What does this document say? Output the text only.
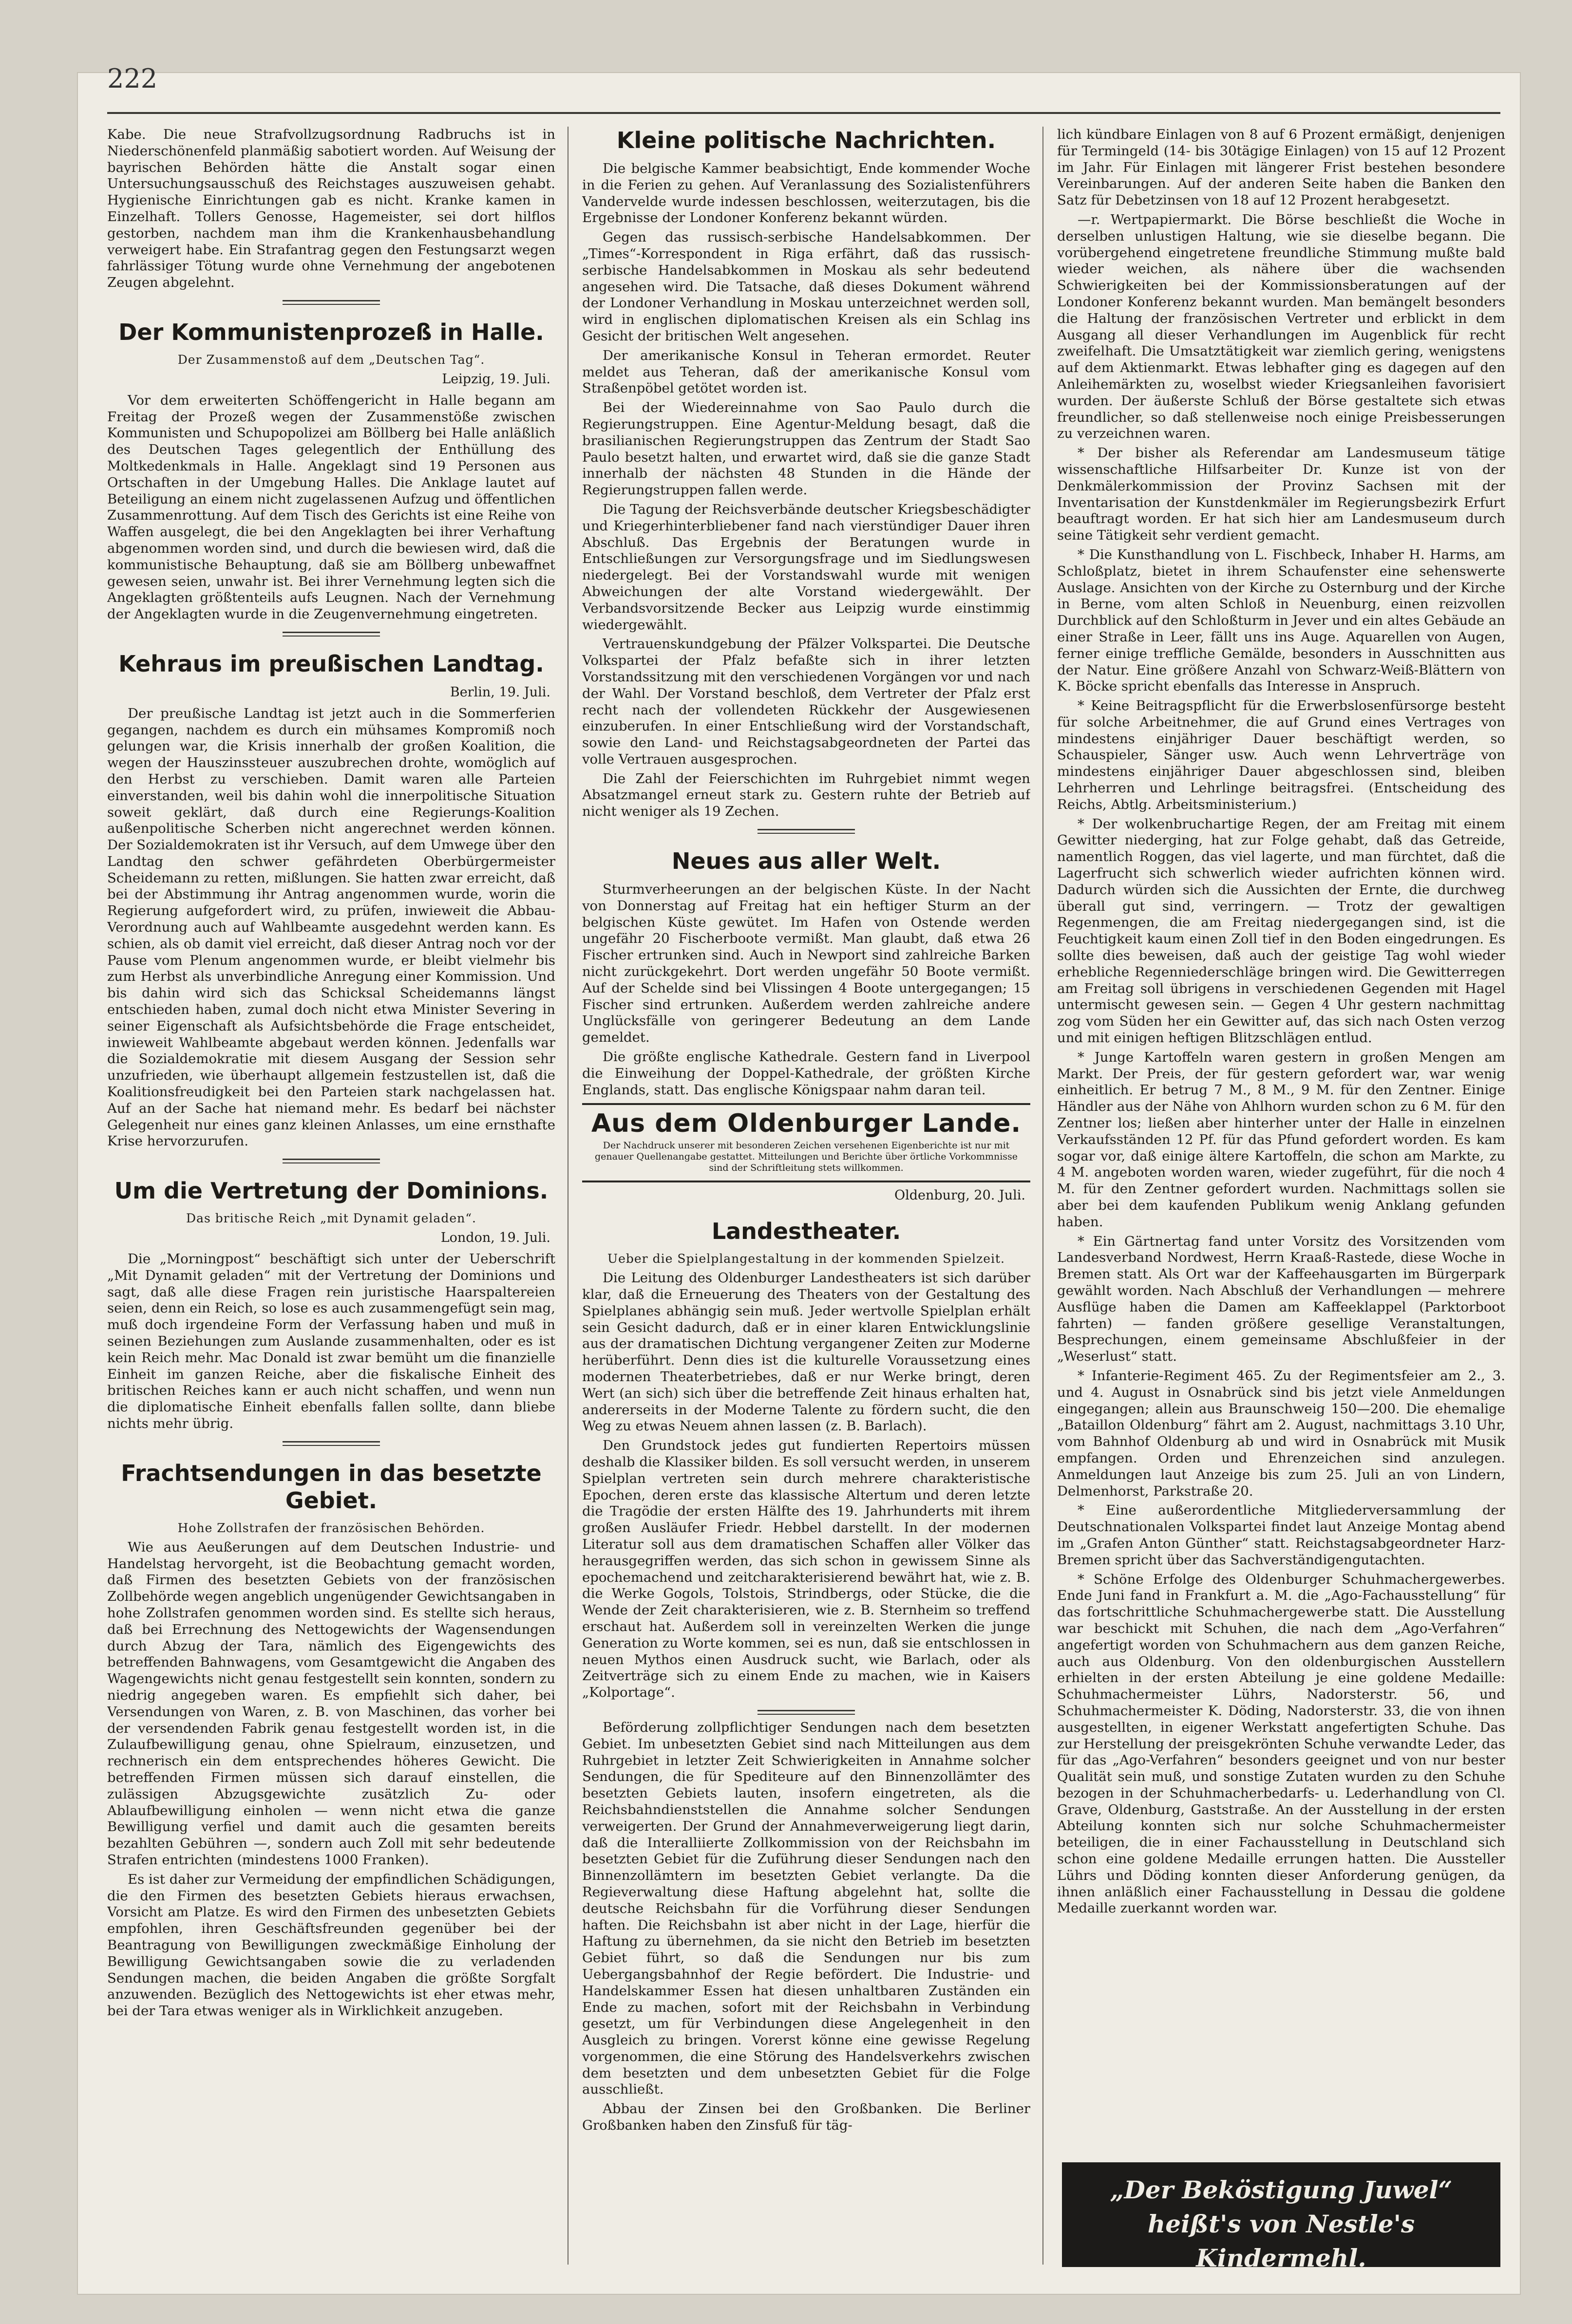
222

Kabe. Die neue Strafvollzugsordnung Radbruchs ist in Niederschönenfeld planmäßig sabotiert worden. Auf Weisung der bayrischen Behörden hätte die Anstalt sogar einen Untersuchungsausschuß des Reichstages auszuweisen gehabt. Hygienische Einrichtungen gab es nicht. Kranke kamen in Einzelhaft. Tollers Genosse, Hagemeister, sei dort hilflos gestorben, nachdem man ihm die Krankenhausbehandlung verweigert habe. Ein Strafantrag gegen den Festungsarzt wegen fahrlässiger Tötung wurde ohne Vernehmung der angebotenen Zeugen abgelehnt.

Der Kommunistenprozeß in Halle.
Der Zusammenstoß auf dem „Deutschen Tag“.
Leipzig, 19. Juli.

Vor dem erweiterten Schöffengericht in Halle begann am Freitag der Prozeß wegen der Zusammenstöße zwischen Kommunisten und Schupopolizei am Böllberg bei Halle anläßlich des Deutschen Tages gelegentlich der Enthüllung des Moltkedenkmals in Halle. Angeklagt sind 19 Personen aus Ortschaften in der Umgebung Halles. Die Anklage lautet auf Beteiligung an einem nicht zugelassenen Aufzug und öffentlichen Zusammenrottung. Auf dem Tisch des Gerichts ist eine Reihe von Waffen ausgelegt, die bei den Angeklagten bei ihrer Verhaftung abgenommen worden sind, und durch die bewiesen wird, daß die kommunistische Behauptung, daß sie am Böllberg unbewaffnet gewesen seien, unwahr ist. Bei ihrer Vernehmung legten sich die Angeklagten größtenteils aufs Leugnen. Nach der Vernehmung der Angeklagten wurde in die Zeugenvernehmung eingetreten.

Kehraus im preußischen Landtag.
Berlin, 19. Juli.

Der preußische Landtag ist jetzt auch in die Sommerferien gegangen, nachdem es durch ein mühsames Kompromiß noch gelungen war, die Krisis innerhalb der großen Koalition, die wegen der Hauszinssteuer auszubrechen drohte, womöglich auf den Herbst zu verschieben. Damit waren alle Parteien einverstanden, weil bis dahin wohl die innerpolitische Situation soweit geklärt, daß durch eine Regierungs-Koalition außenpolitische Scherben nicht angerechnet werden können. Der Sozialdemokraten ist ihr Versuch, auf dem Umwege über den Landtag den schwer gefährdeten Oberbürgermeister Scheidemann zu retten, mißlungen. Sie hatten zwar erreicht, daß bei der Abstimmung ihr Antrag angenommen wurde, worin die Regierung aufgefordert wird, zu prüfen, inwieweit die Abbau-Verordnung auch auf Wahlbeamte ausgedehnt werden kann. Es schien, als ob damit viel erreicht, daß dieser Antrag noch vor der Pause vom Plenum angenommen wurde, er bleibt vielmehr bis zum Herbst als unverbindliche Anregung einer Kommission. Und bis dahin wird sich das Schicksal Scheidemanns längst entschieden haben, zumal doch nicht etwa Minister Severing in seiner Eigenschaft als Aufsichtsbehörde die Frage entscheidet, inwieweit Wahlbeamte abgebaut werden können. Jedenfalls war die Sozialdemokratie mit diesem Ausgang der Session sehr unzufrieden, wie überhaupt allgemein festzustellen ist, daß die Koalitionsfreudigkeit bei den Parteien stark nachgelassen hat. Auf an der Sache hat niemand mehr. Es bedarf bei nächster Gelegenheit nur eines ganz kleinen Anlasses, um eine ernsthafte Krise hervorzurufen.

Um die Vertretung der Dominions.
Das britische Reich „mit Dynamit geladen“.
London, 19. Juli.

Die „Morningpost“ beschäftigt sich unter der Ueberschrift „Mit Dynamit geladen“ mit der Vertretung der Dominions und sagt, daß alle diese Fragen rein juristische Haarspaltereien seien, denn ein Reich, so lose es auch zusammengefügt sein mag, muß doch irgendeine Form der Verfassung haben und muß in seinen Beziehungen zum Auslande zusammenhalten, oder es ist kein Reich mehr. Mac Donald ist zwar bemüht um die finanzielle Einheit im ganzen Reiche, aber die fiskalische Einheit des britischen Reiches kann er auch nicht schaffen, und wenn nun die diplomatische Einheit ebenfalls fallen sollte, dann bliebe nichts mehr übrig.

Frachtsendungen in das besetzte Gebiet.
Hohe Zollstrafen der französischen Behörden.

Wie aus Aeußerungen auf dem Deutschen Industrie- und Handelstag hervorgeht, ist die Beobachtung gemacht worden, daß Firmen des besetzten Gebiets von der französischen Zollbehörde wegen angeblich ungenügender Gewichtsangaben in hohe Zollstrafen genommen worden sind. Es stellte sich heraus, daß bei Errechnung des Nettogewichts der Wagensendungen durch Abzug der Tara, nämlich des Eigengewichts des betreffenden Bahnwagens, vom Gesamtgewicht die Angaben des Wagengewichts nicht genau festgestellt sein konnten, sondern zu niedrig angegeben waren. Es empfiehlt sich daher, bei Versendungen von Waren, z. B. von Maschinen, das vorher bei der versendenden Fabrik genau festgestellt worden ist, in die Zulaufbewilligung genau, ohne Spielraum, einzusetzen, und rechnerisch ein dem entsprechendes höheres Gewicht. Die betreffenden Firmen müssen sich darauf einstellen, die zulässigen Abzugsgewichte zusätzlich Zu- oder Ablaufbewilligung einholen — wenn nicht etwa die ganze Bewilligung verfiel und damit auch die gesamten bereits bezahlten Gebühren —, sondern auch Zoll mit sehr bedeutende Strafen entrichten (mindestens 1000 Franken).

Es ist daher zur Vermeidung der empfindlichen Schädigungen, die den Firmen des besetzten Gebiets hieraus erwachsen, Vorsicht am Platze. Es wird den Firmen des unbesetzten Gebiets empfohlen, ihren Geschäftsfreunden gegenüber bei der Beantragung von Bewilligungen zweckmäßige Einholung der Bewilligung Gewichtsangaben sowie die zu verladenden Sendungen machen, die beiden Angaben die größte Sorgfalt anzuwenden. Bezüglich des Nettogewichts ist eher etwas mehr, bei der Tara etwas weniger als in Wirklichkeit anzugeben.

Kleine politische Nachrichten.

Die belgische Kammer beabsichtigt, Ende kommender Woche in die Ferien zu gehen. Auf Veranlassung des Sozialistenführers Vandervelde wurde indessen beschlossen, weiterzutagen, bis die Ergebnisse der Londoner Konferenz bekannt würden.

Gegen das russisch-serbische Handelsabkommen. Der „Times“-Korrespondent in Riga erfährt, daß das russisch-serbische Handelsabkommen in Moskau als sehr bedeutend angesehen wird. Die Tatsache, daß dieses Dokument während der Londoner Verhandlung in Moskau unterzeichnet werden soll, wird in englischen diplomatischen Kreisen als ein Schlag ins Gesicht der britischen Welt angesehen.

Der amerikanische Konsul in Teheran ermordet. Reuter meldet aus Teheran, daß der amerikanische Konsul vom Straßenpöbel getötet worden ist.

Bei der Wiedereinnahme von Sao Paulo durch die Regierungstruppen. Eine Agentur-Meldung besagt, daß die brasilianischen Regierungstruppen das Zentrum der Stadt Sao Paulo besetzt halten, und erwartet wird, daß sie die ganze Stadt innerhalb der nächsten 48 Stunden in die Hände der Regierungstruppen fallen werde.

Die Tagung der Reichsverbände deutscher Kriegsbeschädigter und Kriegerhinterbliebener fand nach vierstündiger Dauer ihren Abschluß. Das Ergebnis der Beratungen wurde in Entschließungen zur Versorgungsfrage und im Siedlungswesen niedergelegt. Bei der Vorstandswahl wurde mit wenigen Abweichungen der alte Vorstand wiedergewählt. Der Verbandsvorsitzende Becker aus Leipzig wurde einstimmig wiedergewählt.

Vertrauenskundgebung der Pfälzer Volkspartei. Die Deutsche Volkspartei der Pfalz befaßte sich in ihrer letzten Vorstandssitzung mit den verschiedenen Vorgängen vor und nach der Wahl. Der Vorstand beschloß, dem Vertreter der Pfalz erst recht nach der vollendeten Rückkehr der Ausgewiesenen einzuberufen. In einer Entschließung wird der Vorstandschaft, sowie den Land- und Reichstagsabgeordneten der Partei das volle Vertrauen ausgesprochen.

Die Zahl der Feierschichten im Ruhrgebiet nimmt wegen Absatzmangel erneut stark zu. Gestern ruhte der Betrieb auf nicht weniger als 19 Zechen.

Neues aus aller Welt.

Sturmverheerungen an der belgischen Küste. In der Nacht von Donnerstag auf Freitag hat ein heftiger Sturm an der belgischen Küste gewütet. Im Hafen von Ostende werden ungefähr 20 Fischerboote vermißt. Man glaubt, daß etwa 26 Fischer ertrunken sind. Auch in Newport sind zahlreiche Barken nicht zurückgekehrt. Dort werden ungefähr 50 Boote vermißt. Auf der Schelde sind bei Vlissingen 4 Boote untergegangen; 15 Fischer sind ertrunken. Außerdem werden zahlreiche andere Unglücksfälle von geringerer Bedeutung an dem Lande gemeldet.

Die größte englische Kathedrale. Gestern fand in Liverpool die Einweihung der Doppel-Kathedrale, der größten Kirche Englands, statt. Das englische Königspaar nahm daran teil.

Aus dem Oldenburger Lande.
Der Nachdruck unserer mit besonderen Zeichen versehenen Eigenberichte ist nur mit genauer Quellenangabe gestattet. Mitteilungen und Berichte über örtliche Vorkommnisse sind der Schriftleitung stets willkommen.
Oldenburg, 20. Juli.
Landestheater.
Ueber die Spielplangestaltung in der kommenden Spielzeit.

Die Leitung des Oldenburger Landestheaters ist sich darüber klar, daß die Erneuerung des Theaters von der Gestaltung des Spielplanes abhängig sein muß. Jeder wertvolle Spielplan erhält sein Gesicht dadurch, daß er in einer klaren Entwicklungslinie aus der dramatischen Dichtung vergangener Zeiten zur Moderne herüberführt. Denn dies ist die kulturelle Voraussetzung eines modernen Theaterbetriebes, daß er nur Werke bringt, deren Wert (an sich) sich über die betreffende Zeit hinaus erhalten hat, andererseits in der Moderne Talente zu fördern sucht, die den Weg zu etwas Neuem ahnen lassen (z. B. Barlach).

Den Grundstock jedes gut fundierten Repertoirs müssen deshalb die Klassiker bilden. Es soll versucht werden, in unserem Spielplan vertreten sein durch mehrere charakteristische Epochen, deren erste das klassische Altertum und deren letzte die Tragödie der ersten Hälfte des 19. Jahrhunderts mit ihrem großen Ausläufer Friedr. Hebbel darstellt. In der modernen Literatur soll aus dem dramatischen Schaffen aller Völker das herausgegriffen werden, das sich schon in gewissem Sinne als epochemachend und zeitcharakterisierend bewährt hat, wie z. B. die Werke Gogols, Tolstois, Strindbergs, oder Stücke, die die Wende der Zeit charakterisieren, wie z. B. Sternheim so treffend erschaut hat. Außerdem soll in vereinzelten Werken die junge Generation zu Worte kommen, sei es nun, daß sie entschlossen in neuen Mythos einen Ausdruck sucht, wie Barlach, oder als Zeitverträge sich zu einem Ende zu machen, wie in Kaisers „Kolportage“.

Beförderung zollpflichtiger Sendungen nach dem besetzten Gebiet. Im unbesetzten Gebiet sind nach Mitteilungen aus dem Ruhrgebiet in letzter Zeit Schwierigkeiten in Annahme solcher Sendungen, die für Spediteure auf den Binnenzollämter des besetzten Gebiets lauten, insofern eingetreten, als die Reichsbahndienststellen die Annahme solcher Sendungen verweigerten. Der Grund der Annahmeverweigerung liegt darin, daß die Interalliierte Zollkommission von der Reichsbahn im besetzten Gebiet für die Zuführung dieser Sendungen nach den Binnenzollämtern im besetzten Gebiet verlangte. Da die Regieverwaltung diese Haftung abgelehnt hat, sollte die deutsche Reichsbahn für die Vorführung dieser Sendungen haften. Die Reichsbahn ist aber nicht in der Lage, hierfür die Haftung zu übernehmen, da sie nicht den Betrieb im besetzten Gebiet führt, so daß die Sendungen nur bis zum Uebergangsbahnhof der Regie befördert. Die Industrie- und Handelskammer Essen hat diesen unhaltbaren Zuständen ein Ende zu machen, sofort mit der Reichsbahn in Verbindung gesetzt, um für Verbindungen diese Angelegenheit in den Ausgleich zu bringen. Vorerst könne eine gewisse Regelung vorgenommen, die eine Störung des Handelsverkehrs zwischen dem besetzten und dem unbesetzten Gebiet für die Folge ausschließt.

Abbau der Zinsen bei den Großbanken. Die Berliner Großbanken haben den Zinsfuß für täg-

lich kündbare Einlagen von 8 auf 6 Prozent ermäßigt, denjenigen für Termingeld (14- bis 30tägige Einlagen) von 15 auf 12 Prozent im Jahr. Für Einlagen mit längerer Frist bestehen besondere Vereinbarungen. Auf der anderen Seite haben die Banken den Satz für Debetzinsen von 18 auf 12 Prozent herabgesetzt.

—r. Wertpapiermarkt. Die Börse beschließt die Woche in derselben unlustigen Haltung, wie sie dieselbe begann. Die vorübergehend eingetretene freundliche Stimmung mußte bald wieder weichen, als nähere über die wachsenden Schwierigkeiten bei der Kommissionsberatungen auf der Londoner Konferenz bekannt wurden. Man bemängelt besonders die Haltung der französischen Vertreter und erblickt in dem Ausgang all dieser Verhandlungen im Augenblick für recht zweifelhaft. Die Umsatztätigkeit war ziemlich gering, wenigstens auf dem Aktienmarkt. Etwas lebhafter ging es dagegen auf den Anleihemärkten zu, woselbst wieder Kriegsanleihen favorisiert wurden. Der äußerste Schluß der Börse gestaltete sich etwas freundlicher, so daß stellenweise noch einige Preisbesserungen zu verzeichnen waren.

* Der bisher als Referendar am Landesmuseum tätige wissenschaftliche Hilfsarbeiter Dr. Kunze ist von der Denkmälerkommission der Provinz Sachsen mit der Inventarisation der Kunstdenkmäler im Regierungsbezirk Erfurt beauftragt worden. Er hat sich hier am Landesmuseum durch seine Tätigkeit sehr verdient gemacht.

* Die Kunsthandlung von L. Fischbeck, Inhaber H. Harms, am Schloßplatz, bietet in ihrem Schaufenster eine sehenswerte Auslage. Ansichten von der Kirche zu Osternburg und der Kirche in Berne, vom alten Schloß in Neuenburg, einen reizvollen Durchblick auf den Schloßturm in Jever und ein altes Gebäude an einer Straße in Leer, fällt uns ins Auge. Aquarellen von Augen, ferner einige treffliche Gemälde, besonders in Ausschnitten aus der Natur. Eine größere Anzahl von Schwarz-Weiß-Blättern von K. Böcke spricht ebenfalls das Interesse in Anspruch.

* Keine Beitragspflicht für die Erwerbslosenfürsorge besteht für solche Arbeitnehmer, die auf Grund eines Vertrages von mindestens einjähriger Dauer beschäftigt werden, so Schauspieler, Sänger usw. Auch wenn Lehrverträge von mindestens einjähriger Dauer abgeschlossen sind, bleiben Lehrherren und Lehrlinge beitragsfrei. (Entscheidung des Reichs, Abtlg. Arbeitsministerium.)

* Der wolkenbruchartige Regen, der am Freitag mit einem Gewitter niederging, hat zur Folge gehabt, daß das Getreide, namentlich Roggen, das viel lagerte, und man fürchtet, daß die Lagerfrucht sich schwerlich wieder aufrichten können wird. Dadurch würden sich die Aussichten der Ernte, die durchweg überall gut sind, verringern. — Trotz der gewaltigen Regenmengen, die am Freitag niedergegangen sind, ist die Feuchtigkeit kaum einen Zoll tief in den Boden eingedrungen. Es sollte dies beweisen, daß auch der geistige Tag wohl wieder erhebliche Regenniederschläge bringen wird. Die Gewitterregen am Freitag soll übrigens in verschiedenen Gegenden mit Hagel untermischt gewesen sein. — Gegen 4 Uhr gestern nachmittag zog vom Süden her ein Gewitter auf, das sich nach Osten verzog und mit einigen heftigen Blitzschlägen entlud.

* Junge Kartoffeln waren gestern in großen Mengen am Markt. Der Preis, der für gestern gefordert war, war wenig einheitlich. Er betrug 7 M., 8 M., 9 M. für den Zentner. Einige Händler aus der Nähe von Ahlhorn wurden schon zu 6 M. für den Zentner los; ließen aber hinterher unter der Halle in einzelnen Verkaufsständen 12 Pf. für das Pfund gefordert worden. Es kam sogar vor, daß einige ältere Kartoffeln, die schon am Markte, zu 4 M. angeboten worden waren, wieder zugeführt, für die noch 4 M. für den Zentner gefordert wurden. Nachmittags sollen sie aber bei dem kaufenden Publikum wenig Anklang gefunden haben.

* Ein Gärtnertag fand unter Vorsitz des Vorsitzenden vom Landesverband Nordwest, Herrn Kraaß-Rastede, diese Woche in Bremen statt. Als Ort war der Kaffeehausgarten im Bürgerpark gewählt worden. Nach Abschluß der Verhandlungen — mehrere Ausflüge haben die Damen am Kaffeeklappel (Parktorboot fahrten) — fanden größere gesellige Veranstaltungen, Besprechungen, einem gemeinsame Abschlußfeier in der „Weserlust“ statt.

* Infanterie-Regiment 465. Zu der Regimentsfeier am 2., 3. und 4. August in Osnabrück sind bis jetzt viele Anmeldungen eingegangen; allein aus Braunschweig 150—200. Die ehemalige „Bataillon Oldenburg“ fährt am 2. August, nachmittags 3.10 Uhr, vom Bahnhof Oldenburg ab und wird in Osnabrück mit Musik empfangen. Orden und Ehrenzeichen sind anzulegen. Anmeldungen laut Anzeige bis zum 25. Juli an von Lindern, Delmenhorst, Parkstraße 20.

* Eine außerordentliche Mitgliederversammlung der Deutschnationalen Volkspartei findet laut Anzeige Montag abend im „Grafen Anton Günther“ statt. Reichstagsabgeordneter Harz-Bremen spricht über das Sachverständigengutachten.

* Schöne Erfolge des Oldenburger Schuhmachergewerbes. Ende Juni fand in Frankfurt a. M. die „Ago-Fachausstellung“ für das fortschrittliche Schuhmachergewerbe statt. Die Ausstellung war beschickt mit Schuhen, die nach dem „Ago-Verfahren“ angefertigt worden von Schuhmachern aus dem ganzen Reiche, auch aus Oldenburg. Von den oldenburgischen Ausstellern erhielten in der ersten Abteilung je eine goldene Medaille: Schuhmachermeister Lührs, Nadorsterstr. 56, und Schuhmachermeister K. Döding, Nadorsterstr. 33, die von ihnen ausgestellten, in eigener Werkstatt angefertigten Schuhe. Das zur Herstellung der preisgekrönten Schuhe verwandte Leder, das für das „Ago-Verfahren“ besonders geeignet und von nur bester Qualität sein muß, und sonstige Zutaten wurden zu den Schuhe bezogen in der Schuhmacherbedarfs- u. Lederhandlung von Cl. Grave, Oldenburg, Gaststraße. An der Ausstellung in der ersten Abteilung konnten sich nur solche Schuhmachermeister beteiligen, die in einer Fachausstellung in Deutschland sich schon eine goldene Medaille errungen hatten. Die Aussteller Lührs und Döding konnten dieser Anforderung genügen, da ihnen anläßlich einer Fachausstellung in Dessau die goldene Medaille zuerkannt worden war.

„Der Beköstigung Juwel“
heißt's von Nestle's Kindermehl.
